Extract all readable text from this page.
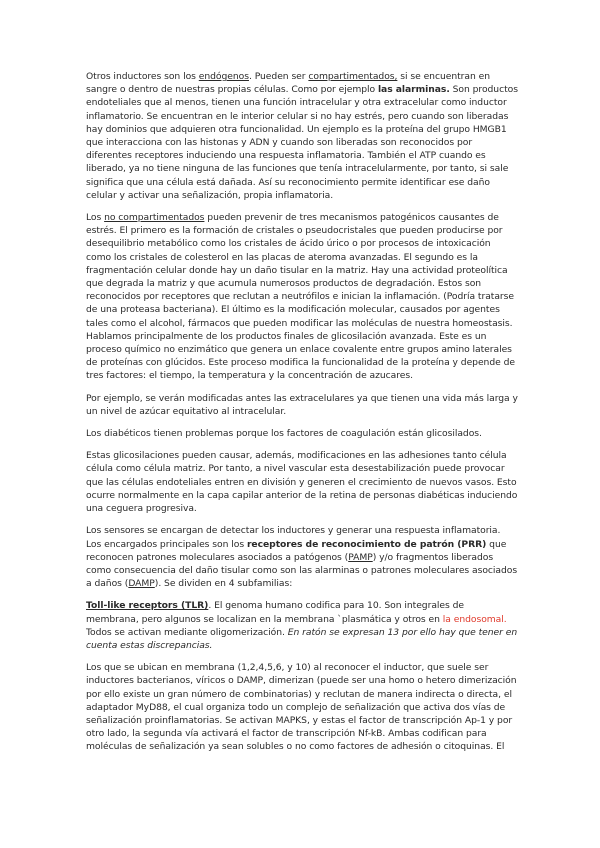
Otros inductores son los endógenos. Pueden ser compartimentados, si se encuentran en sangre o dentro de nuestras propias células. Como por ejemplo las alarminas. Son productos endoteliales que al menos, tienen una función intracelular y otra extracelular como inductor inflamatorio. Se encuentran en le interior celular si no hay estrés, pero cuando son liberadas hay dominios que adquieren otra funcionalidad. Un ejemplo es la proteína del grupo HMGB1 que interacciona con las histonas y ADN y cuando son liberadas son reconocidos por diferentes receptores induciendo una respuesta inflamatoria. También el ATP cuando es liberado, ya no tiene ninguna de las funciones que tenía intracelularmente, por tanto, si sale significa que una célula está dañada. Así su reconocimiento permite identificar ese daño celular y activar una señalización, propia inflamatoria.

Los no compartimentados pueden prevenir de tres mecanismos patogénicos causantes de estrés. El primero es la formación de cristales o pseudocristales que pueden producirse por desequilibrio metabólico como los cristales de ácido úrico o por procesos de intoxicación como los cristales de colesterol en las placas de ateroma avanzadas. El segundo es la fragmentación celular donde hay un daño tisular en la matriz. Hay una actividad proteolítica que degrada la matriz y que acumula numerosos productos de degradación. Estos son reconocidos por receptores que reclutan a neutrófilos e inician la inflamación. (Podría tratarse de una proteasa bacteriana). El último es la modificación molecular, causados por agentes tales como el alcohol, fármacos que pueden modificar las moléculas de nuestra homeostasis. Hablamos principalmente de los productos finales de glicosilación avanzada. Este es un proceso químico no enzimático que genera un enlace covalente entre grupos amino laterales de proteínas con glúcidos. Este proceso modifica la funcionalidad de la proteína y depende de tres factores: el tiempo, la temperatura y la concentración de azucares.

Por ejemplo, se verán modificadas antes las extracelulares ya que tienen una vida más larga y un nivel de azúcar equitativo al intracelular.

Los diabéticos tienen problemas porque los factores de coagulación están glicosilados.

Estas glicosilaciones pueden causar, además, modificaciones en las adhesiones tanto célula célula como célula matriz. Por tanto, a nivel vascular esta desestabilización puede provocar que las células endoteliales entren en división y generen el crecimiento de nuevos vasos. Esto ocurre normalmente en la capa capilar anterior de la retina de personas diabéticas induciendo una ceguera progresiva.

Los sensores se encargan de detectar los inductores y generar una respuesta inflamatoria. Los encargados principales son los receptores de reconocimiento de patrón (PRR) que reconocen patrones moleculares asociados a patógenos (PAMP) y/o fragmentos liberados como consecuencia del daño tisular como son las alarminas o patrones moleculares asociados a daños (DAMP). Se dividen en 4 subfamilias:

Toll-like receptors (TLR). El genoma humano codifica para 10. Son integrales de membrana, pero algunos se localizan en la membrana `plasmática y otros en la endosomal. Todos se activan mediante oligomerización. En ratón se expresan 13 por ello hay que tener en cuenta estas discrepancias.

Los que se ubican en membrana (1,2,4,5,6, y 10) al reconocer el inductor, que suele ser inductores bacterianos, víricos o DAMP, dimerizan (puede ser una homo o hetero dimerización por ello existe un gran número de combinatorias) y reclutan de manera indirecta o directa, el adaptador MyD88, el cual organiza todo un complejo de señalización que activa dos vías de señalización proinflamatorias. Se activan MAPKS, y estas el factor de transcripción Ap-1 y por otro lado, la segunda vía activará el factor de transcripción Nf-kB. Ambas codifican para moléculas de señalización ya sean solubles o no como factores de adhesión o citoquinas. El
